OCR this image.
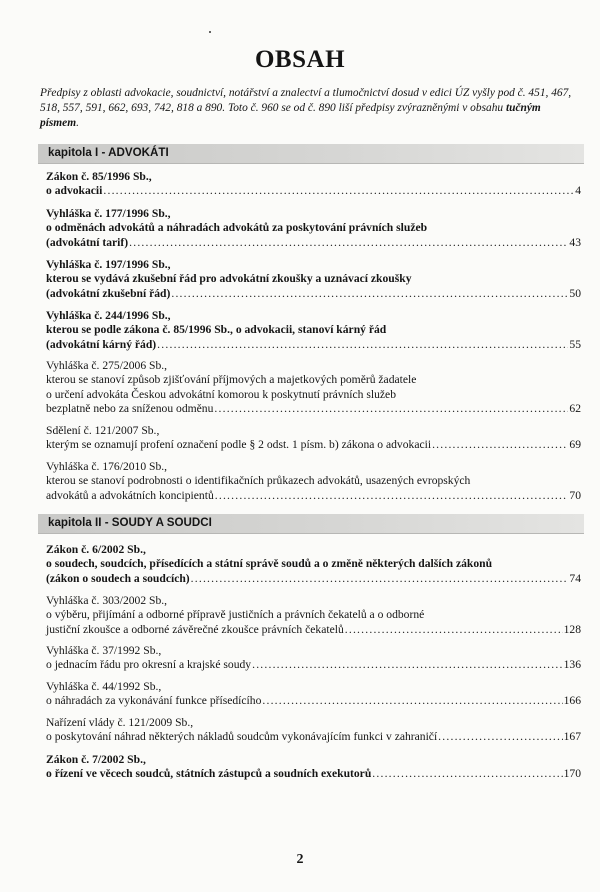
OBSAH

Předpisy z oblasti advokacie, soudnictví, notářství a znalectví a tlumočnictví dosud v edici ÚZ vyšly pod č. 451, 467, 518, 557, 591, 662, 693, 742, 818 a 890. Toto č. 960 se od č. 890 liší předpisy zvýrazněnými v obsahu tučným písmem.

kapitola I - ADVOKÁTI
Zákon č. 85/1996 Sb.,
o advokacii .....	4
Vyhláška č. 177/1996 Sb.,
o odměnách advokátů a náhradách advokátů za poskytování právních služeb
(advokátní tarif) .....	43
Vyhláška č. 197/1996 Sb.,
kterou se vydává zkušební řád pro advokátní zkoušky a uznávací zkoušky
(advokátní zkušební řád) .....	50
Vyhláška č. 244/1996 Sb.,
kterou se podle zákona č. 85/1996 Sb., o advokacii, stanoví kárný řád
(advokátní kárný řád) .....	55
Vyhláška č. 275/2006 Sb.,
kterou se stanoví způsob zjišťování příjmových a majetkových poměrů žadatele
o určení advokáta Českou advokátní komorou k poskytnutí právních služeb
bezplatně nebo za sníženou odměnu .....	62
Sdělení č. 121/2007 Sb.,
kterým se oznamují profení označení podle § 2 odst. 1 písm. b) zákona o advokacii .....	69
Vyhláška č. 176/2010 Sb.,
kterou se stanoví podrobnosti o identifikačních průkazech advokátů, usazených evropských
advokátů a advokátních koncipientů .....	70
kapitola II - SOUDY A SOUDCI
Zákon č. 6/2002 Sb.,
o soudech, soudcích, přísedících a státní správě soudů a o změně některých dalších zákonů
(zákon o soudech a soudcích) .....	74
Vyhláška č. 303/2002 Sb.,
o výběru, přijímání a odborné přípravě justičních a právních čekatelů a o odborné
justiční zkoušce a odborné závěrečné zkoušce právních čekatelů .....	128
Vyhláška č. 37/1992 Sb.,
o jednacím řádu pro okresní a krajské soudy .....	136
Vyhláška č. 44/1992 Sb.,
o náhradách za vykonávání funkce přísedícího .....	166
Nařízení vlády č. 121/2009 Sb.,
o poskytování náhrad některých nákladů soudcům vykonávajícím funkci v zahraničí .....	167
Zákon č. 7/2002 Sb.,
o řízení ve věcech soudců, státních zástupců a soudních exekutorů .....	170
2
